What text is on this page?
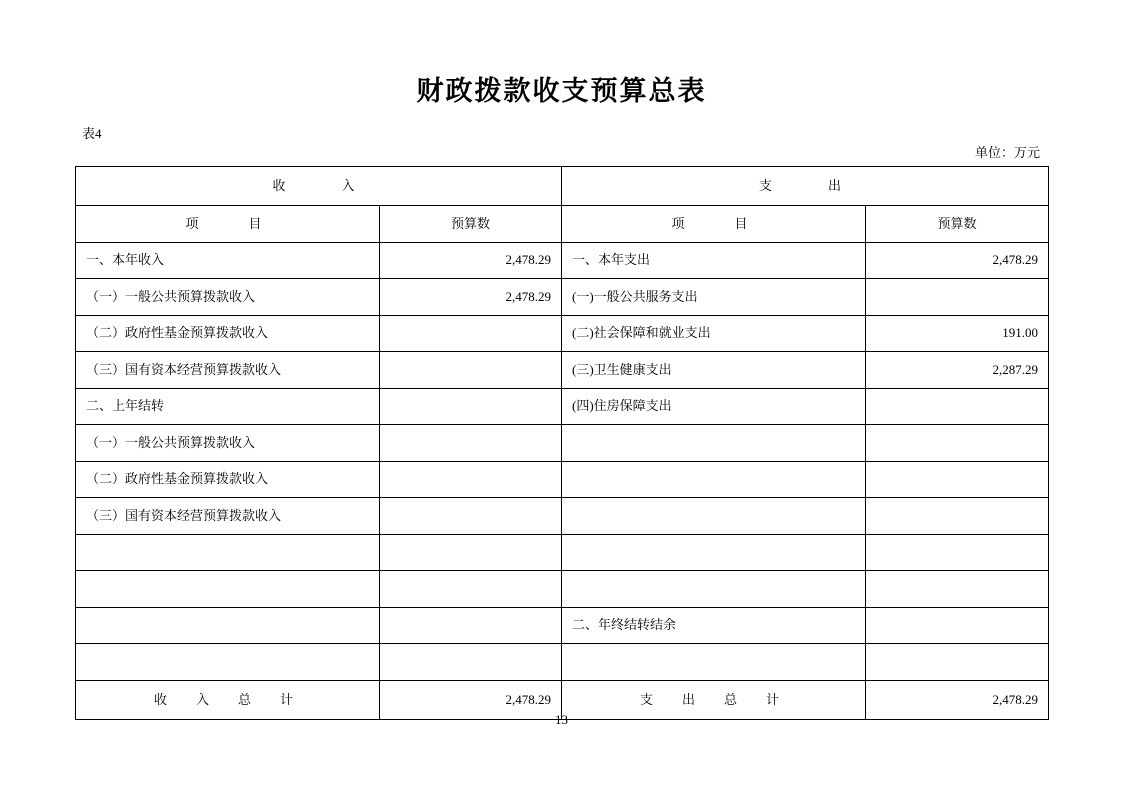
财政拨款收支预算总表
表4
单位：万元
收　　入		支　　出	
项　　目	预算数	项　　目	预算数
一、本年收入	2,478.29	一、本年支出	2,478.29
（一）一般公共预算拨款收入	2,478.29	(一)一般公共服务支出	
（二）政府性基金预算拨款收入		(二)社会保障和就业支出	191.00
（三）国有资本经营预算拨款收入		(三)卫生健康支出	2,287.29
二、上年结转		(四)住房保障支出	
（一）一般公共预算拨款收入			
（二）政府性基金预算拨款收入			
（三）国有资本经营预算拨款收入			

		二、年终结转结余	

收　入　总　计	2,478.29	支　出　总　计	2,478.29
13
